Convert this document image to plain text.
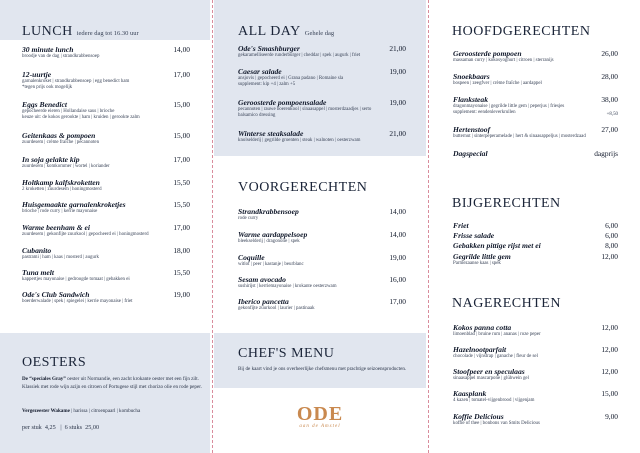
LUNCH iedere dag tot 16.30 uur
30 minute lunch	14,00
broodje van de dag | strandkrabbensoep
12-uurtje	17,00
garnalenkroket | strandkrabbensoep | egg benedict ham
*tegen prijs ook mogelijk
Eggs Benedict	15,00
gepocheerde eieren | Hollandaise saus | brioche
keuze uit: de kokos gerookte | ham | kruiden | gerookte zalm
Geitenkaas & pompoen	15,00
zuurdesem | crème fraîche | pecannoten
In soja gelakte kip	17,00
zuurdesem | komkommer | wortel | koriander
Holtkamp kalfskroketten	15,50
2 kroketten | zuurdesem | honingmosterd
Huisgemaakte garnalenkroketjes	15,50
brioche | rode curry | kerrie mayonaise
Warme beenham & ei	17,00
zuurdesem | gekonfijte zuurkool | gepocheerd ei | honingmosterd
Cubanito	18,00
pastrami | ham | kaas | mosterd | augurk
Tuna melt	15,50
kappertjes mayonaise | gedroogde tomaat | gebakken ei
Ode's Club Sandwich	19,00
boerderwalade | spek | spiegelei | kerrie mayonaise | friet
OESTERS
De “speciales Gray” oester uit Normandie, een zacht krokante oester met een fijn zilt. Klassiek met rode wijn azijn en citroen of Portugese stijl met chorizo olie en rode peper.
Vergezeester Wakame | harissa | citroenpaarl | kombucha
per stuk  4,25   |  6 stuks  25,00
ALL DAY Gehele dag
Ode's Smashburger	21,00
gekaramelliseerde runderburger | cheddar | spek | augurk | friet
Caesar salade	19,00
ansjovis | gepocheerd ei | Grana padano | Romaine sla
supplement: kip +4 | zalm +5
Geroosterde pompoensalade	19,00
pecannoten | rauwe boerenkool | sinaasappel | mosterdzaadjes | serto
balsamico dressing
Winterse steaksalade	21,00
knolselderij | gegrilde groenten | steak | walnoten | oesterzwam
VOORGERECHTEN
Strandkrabbensoep	14,00
rode curry
Warme aardappelsoep	14,00
bleekselderij | dragonolie | spek
Coquille	19,00
witlof | peer | kastanje | beurblanc
Sesam avocado	16,00
sushirijst | kerriemayonaise | krokante oesterzwam
Iberico pancetta	17,00
gekonfijte zuurkool | laurier | pastinaak
CHEF'S MENU
Bij de kaart vind je ons overheerlijke chefsmenu met prachtige seizoensproducten.
ODE
aan de Amstel
HOOFDGERECHTEN
Geroosterde pompoen	26,00
massaman curry | kokosyoghurt | citroen | sterranijs
Snoekbaars	28,00
bospeen | zeegfver | crème fraîche | aardappel
Flanksteak	38,00
dragonmayonaise | gegrilde little gem | peperjus | friesjes
supplement: eendenleverkrullen	+8,50
Hertenstoof	27,00
butternut | sinterpeperamelade | hert & sinaasappeljus | mosterdzaad
Dagspecial	dagprijs
BIJGERECHTEN
Friet	6,00
Frisse salade	6,00
Gebakken pittige rijst met ei	8,00
Gegrilde little gem	12,00
Parmezaanse kaas | spek
NAGERECHTEN
Kokos panna cotta	12,00
limoenblad | bruine rum | ananas | roze peper
Hazelnootparfait	12,00
chocolade | vijnstrap | ganache | fleur de sel
Stoofpeer en speculaas	12,00
sinaasappel mascarpone | glühwein gel
Kaasplank	15,00
4 kazen | tomatel-vijgenbrood | vijgenjam
Koffie Delicious	9,00
koffie of thee | bonbons van Smits Delicious
